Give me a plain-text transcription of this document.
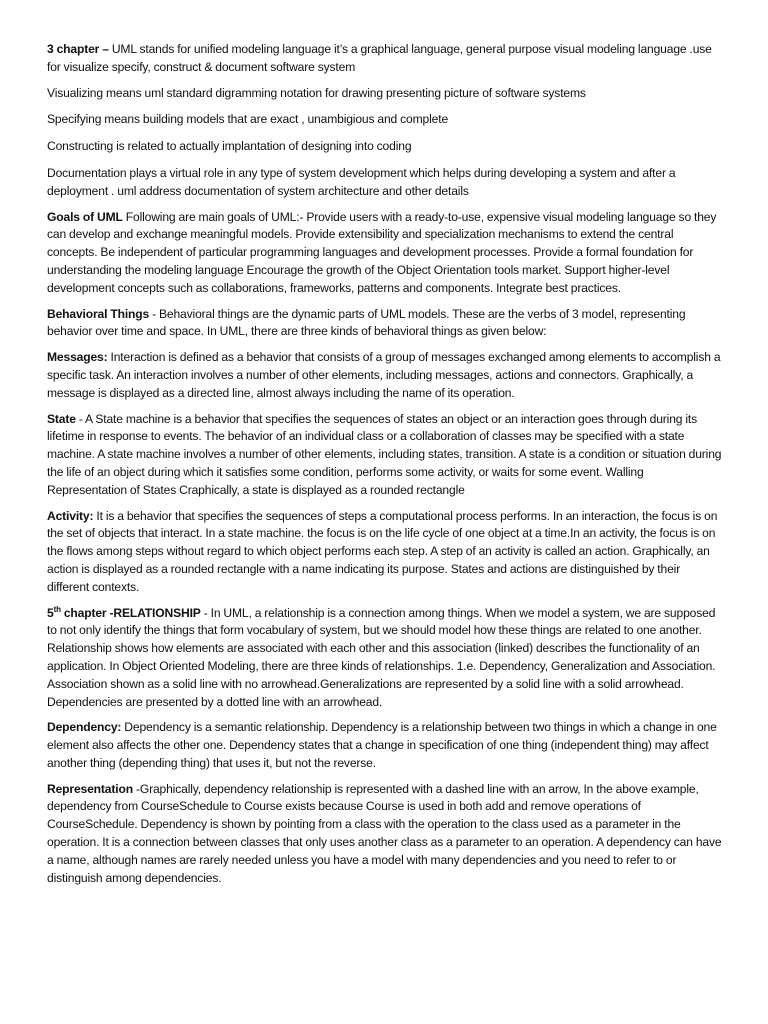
3 chapter – UML stands for unified modeling language it’s a graphical language, general purpose visual modeling language .use for visualize specify, construct & document software system

Visualizing means uml standard digramming notation for drawing presenting picture of software systems

Specifying means building models that are exact , unambigious and complete

Constructing is related to actually implantation of designing into coding

Documentation plays a virtual role in any type of system development which helps during developing a system and after a deployment . uml address documentation of system architecture and other details

Goals of UML Following are main goals of UML:- Provide users with a ready-to-use, expensive visual modeling language so they can develop and exchange meaningful models. Provide extensibility and specialization mechanisms to extend the central concepts. Be independent of particular programming languages and development processes. Provide a formal foundation for understanding the modeling language Encourage the growth of the Object Orientation tools market. Support higher-level development concepts such as collaborations, frameworks, patterns and components. Integrate best practices.

Behavioral Things - Behavioral things are the dynamic parts of UML models. These are the verbs of 3 model, representing behavior over time and space. In UML, there are three kinds of behavioral things as given below:

Messages: Interaction is defined as a behavior that consists of a group of messages exchanged among elements to accomplish a specific task. An interaction involves a number of other elements, including messages, actions and connectors. Graphically, a message is displayed as a directed line, almost always including the name of its operation.

State - A State machine is a behavior that specifies the sequences of states an object or an interaction goes through during its lifetime in response to events. The behavior of an individual class or a collaboration of classes may be specified with a state machine. A state machine involves a number of other elements, including states, transition. A state is a condition or situation during the life of an object during which it satisfies some condition, performs some activity, or waits for some event. Walling Representation of States Craphically, a state is displayed as a rounded rectangle

Activity: It is a behavior that specifies the sequences of steps a computational process performs. In an interaction, the focus is on the set of objects that interact. In a state machine. the focus is on the life cycle of one object at a time.In an activity, the focus is on the flows among steps without regard to which object performs each step. A step of an activity is called an action. Graphically, an action is displayed as a rounded rectangle with a name indicating its purpose. States and actions are distinguished by their different contexts.

5th chapter -RELATIONSHIP - In UML, a relationship is a connection among things. When we model a system, we are supposed to not only identify the things that form vocabulary of system, but we should model how these things are related to one another. Relationship shows how elements are associated with each other and this association (linked) describes the functionality of an application. In Object Oriented Modeling, there are three kinds of relationships. 1.e. Dependency, Generalization and Association. Association shown as a solid line with no arrowhead.Generalizations are represented by a solid line with a solid arrowhead. Dependencies are presented by a dotted line with an arrowhead.

Dependency: Dependency is a semantic relationship. Dependency is a relationship between two things in which a change in one element also affects the other one. Dependency states that a change in specification of one thing (independent thing) may affect another thing (depending thing) that uses it, but not the reverse.

Representation -Graphically, dependency relationship is represented with a dashed line with an arrow, In the above example, dependency from CourseSchedule to Course exists because Course is used in both add and remove operations of CourseSchedule. Dependency is shown by pointing from a class with the operation to the class used as a parameter in the operation. It is a connection between classes that only uses another class as a parameter to an operation. A dependency can have a name, although names are rarely needed unless you have a model with many dependencies and you need to refer to or distinguish among dependencies.
